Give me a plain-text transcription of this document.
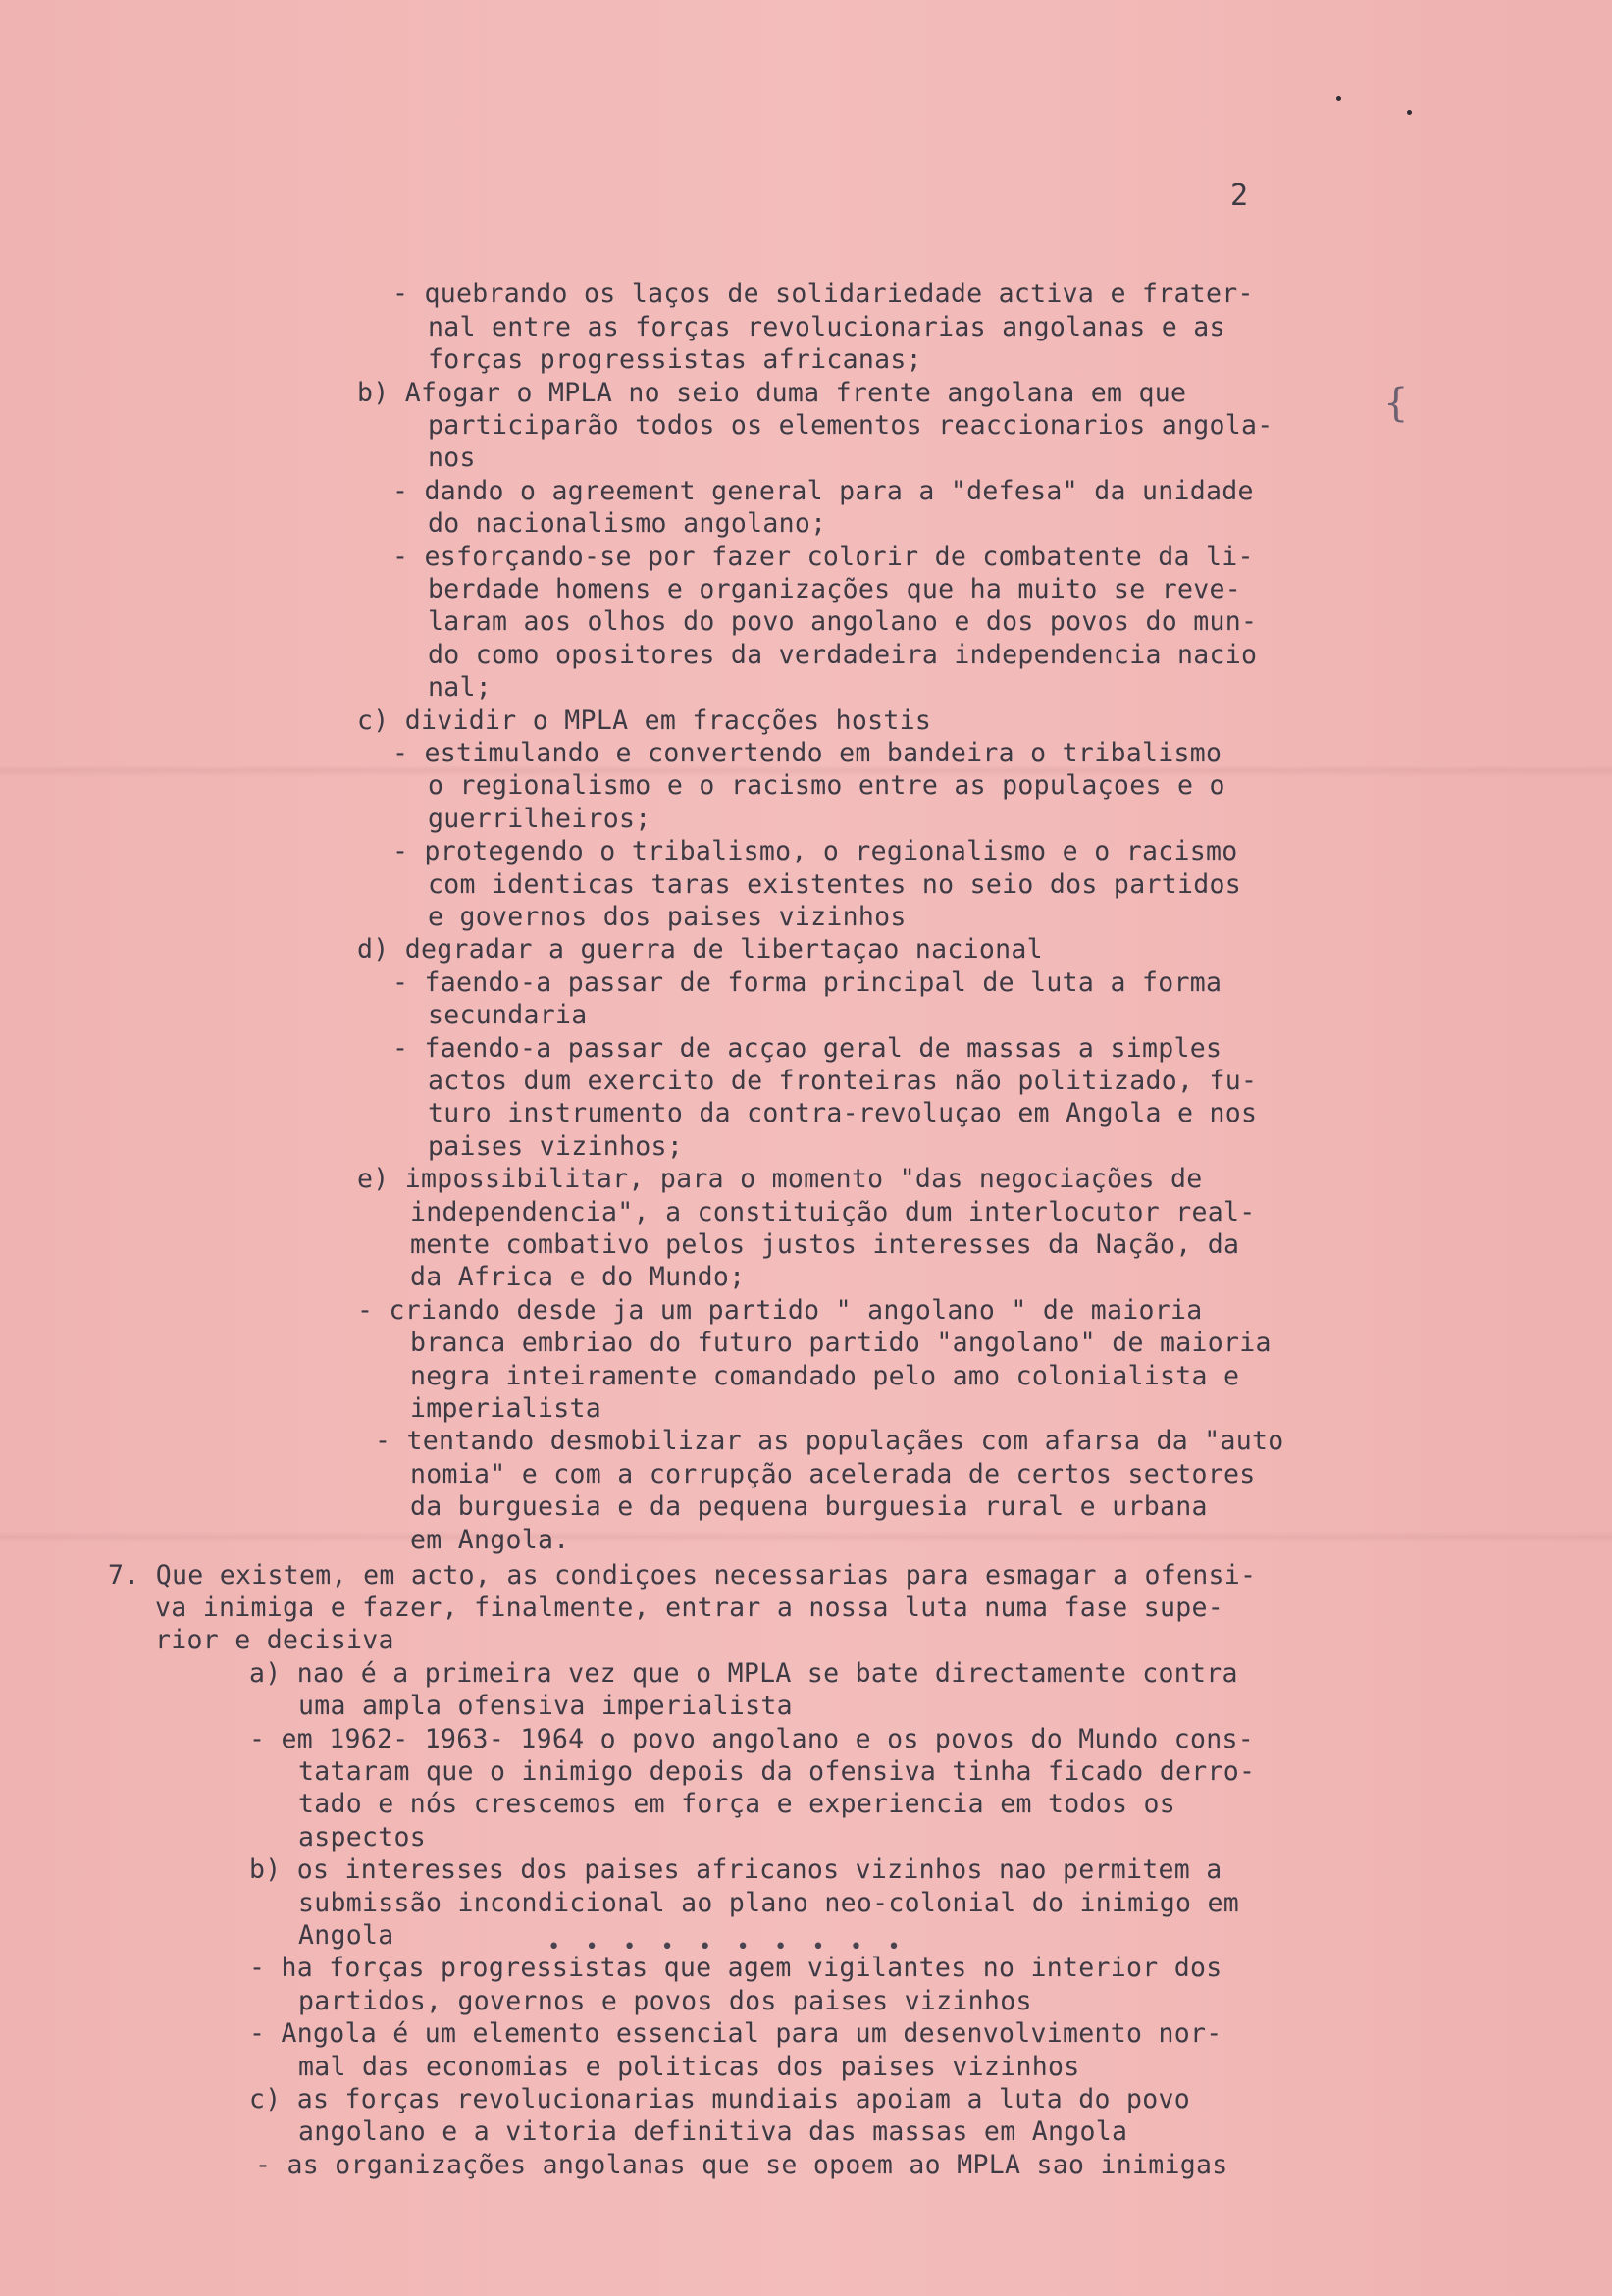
2
- quebrando os laços de solidariedade activa e frater-
nal entre as forças revolucionarias angolanas e as
forças progressistas africanas;
b) Afogar o MPLA no seio duma frente angolana em que
participarão todos os elementos reaccionarios angola-
nos
- dando o agreement general para a "defesa" da unidade
do nacionalismo angolano;
- esforçando-se por fazer colorir de combatente da li-
berdade homens e organizações que ha muito se reve-
laram aos olhos do povo angolano e dos povos do mun-
do como opositores da verdadeira independencia nacio
nal;
c) dividir o MPLA em fracções hostis
- estimulando e convertendo em bandeira o tribalismo
o regionalismo e o racismo entre as populaçoes e o
guerrilheiros;
- protegendo o tribalismo, o regionalismo e o racismo
com identicas taras existentes no seio dos partidos
e governos dos paises vizinhos
d) degradar a guerra de libertaçao nacional
- faendo-a passar de forma principal de luta a forma
secundaria
- faendo-a passar de acçao geral de massas a simples
actos dum exercito de fronteiras não politizado, fu-
turo instrumento da contra-revoluçao em Angola e nos
paises vizinhos;
e) impossibilitar, para o momento "das negociações de
independencia", a constituição dum interlocutor real-
mente combativo pelos justos interesses da Nação, da
da Africa e do Mundo;
- criando desde ja um partido " angolano " de maioria
branca embriao do futuro partido "angolano" de maioria
negra inteiramente comandado pelo amo colonialista e
imperialista
- tentando desmobilizar as populaçães com afarsa da "auto
nomia" e com a corrupção acelerada de certos sectores
da burguesia e da pequena burguesia rural e urbana
em Angola.
7. Que existem, em acto, as condiçoes necessarias para esmagar a ofensi-
va inimiga e fazer, finalmente, entrar a nossa luta numa fase supe-
rior e decisiva
a) nao é a primeira vez que o MPLA se bate directamente contra
uma ampla ofensiva imperialista
- em 1962- 1963- 1964 o povo angolano e os povos do Mundo cons-
tataram que o inimigo depois da ofensiva tinha ficado derro-
tado e nós crescemos em força e experiencia em todos os
aspectos
b) os interesses dos paises africanos vizinhos nao permitem a
submissão incondicional ao plano neo-colonial do inimigo em
Angola
- ha forças progressistas que agem vigilantes no interior dos
partidos, governos e povos dos paises vizinhos
- Angola é um elemento essencial para um desenvolvimento nor-
mal das economias e politicas dos paises vizinhos
c) as forças revolucionarias mundiais apoiam a luta do povo
angolano e a vitoria definitiva das massas em Angola
- as organizações angolanas que se opoem ao MPLA sao inimigas
• • • • • • • • • •
{
